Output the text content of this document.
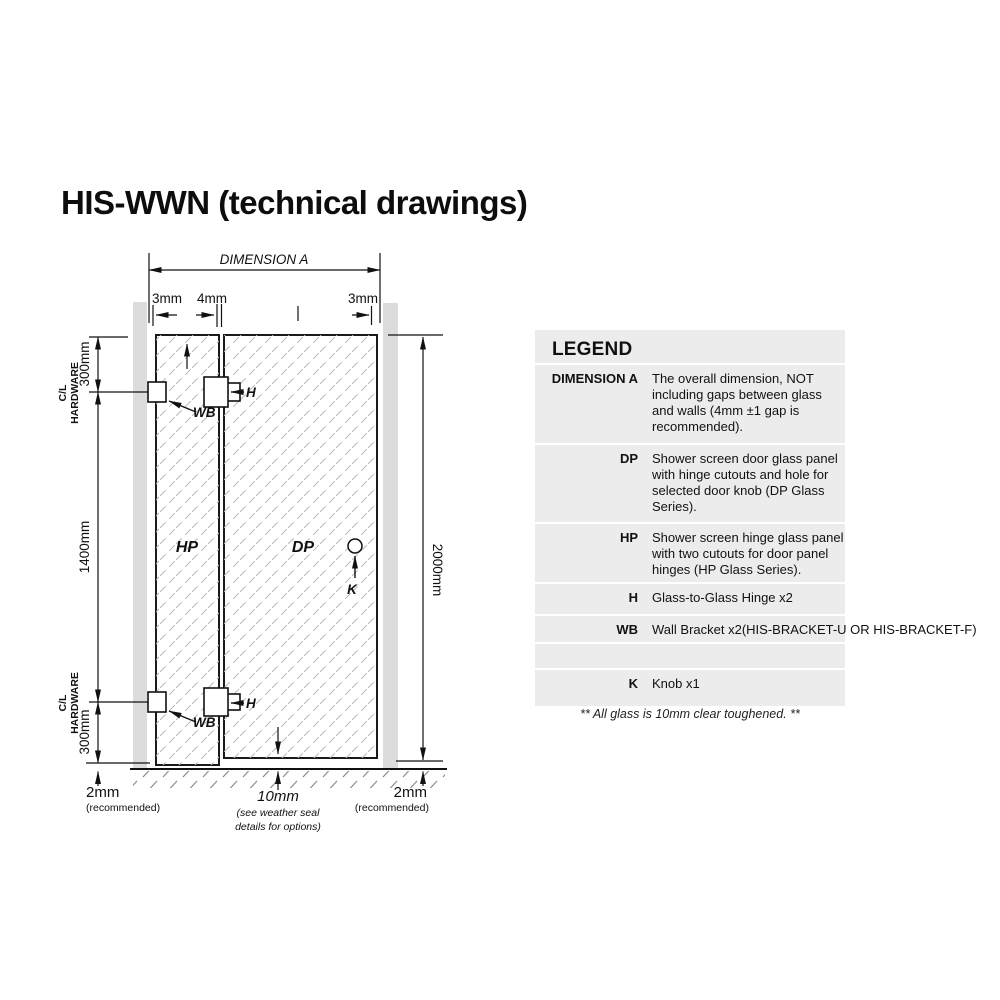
HIS-WWN (technical drawings)
HP	DP
DIMENSION A
3mm 4mm	3mm
300mm
C/L HARDWARE
1400mm
C/L HARDWARE
300mm
2mm
(recommended)
2000mm
2mm
(recommended)
10mm
(see weather seal
details for options)
WB
WB
H
H
K
LEGEND
DIMENSION A The overall dimension, NOT including gaps between glass and walls (4mm ±1 gap is recommended).
DP Shower screen door glass panel with hinge cutouts and hole for selected door knob (DP Glass Series).
HP Shower screen hinge glass panel with two cutouts for door panel hinges (HP Glass Series).
H Glass-to-Glass Hinge x2
WB Wall Bracket x2(HIS-BRACKET-U OR HIS-BRACKET-F)
K Knob x1
** All glass is 10mm clear toughened. **
